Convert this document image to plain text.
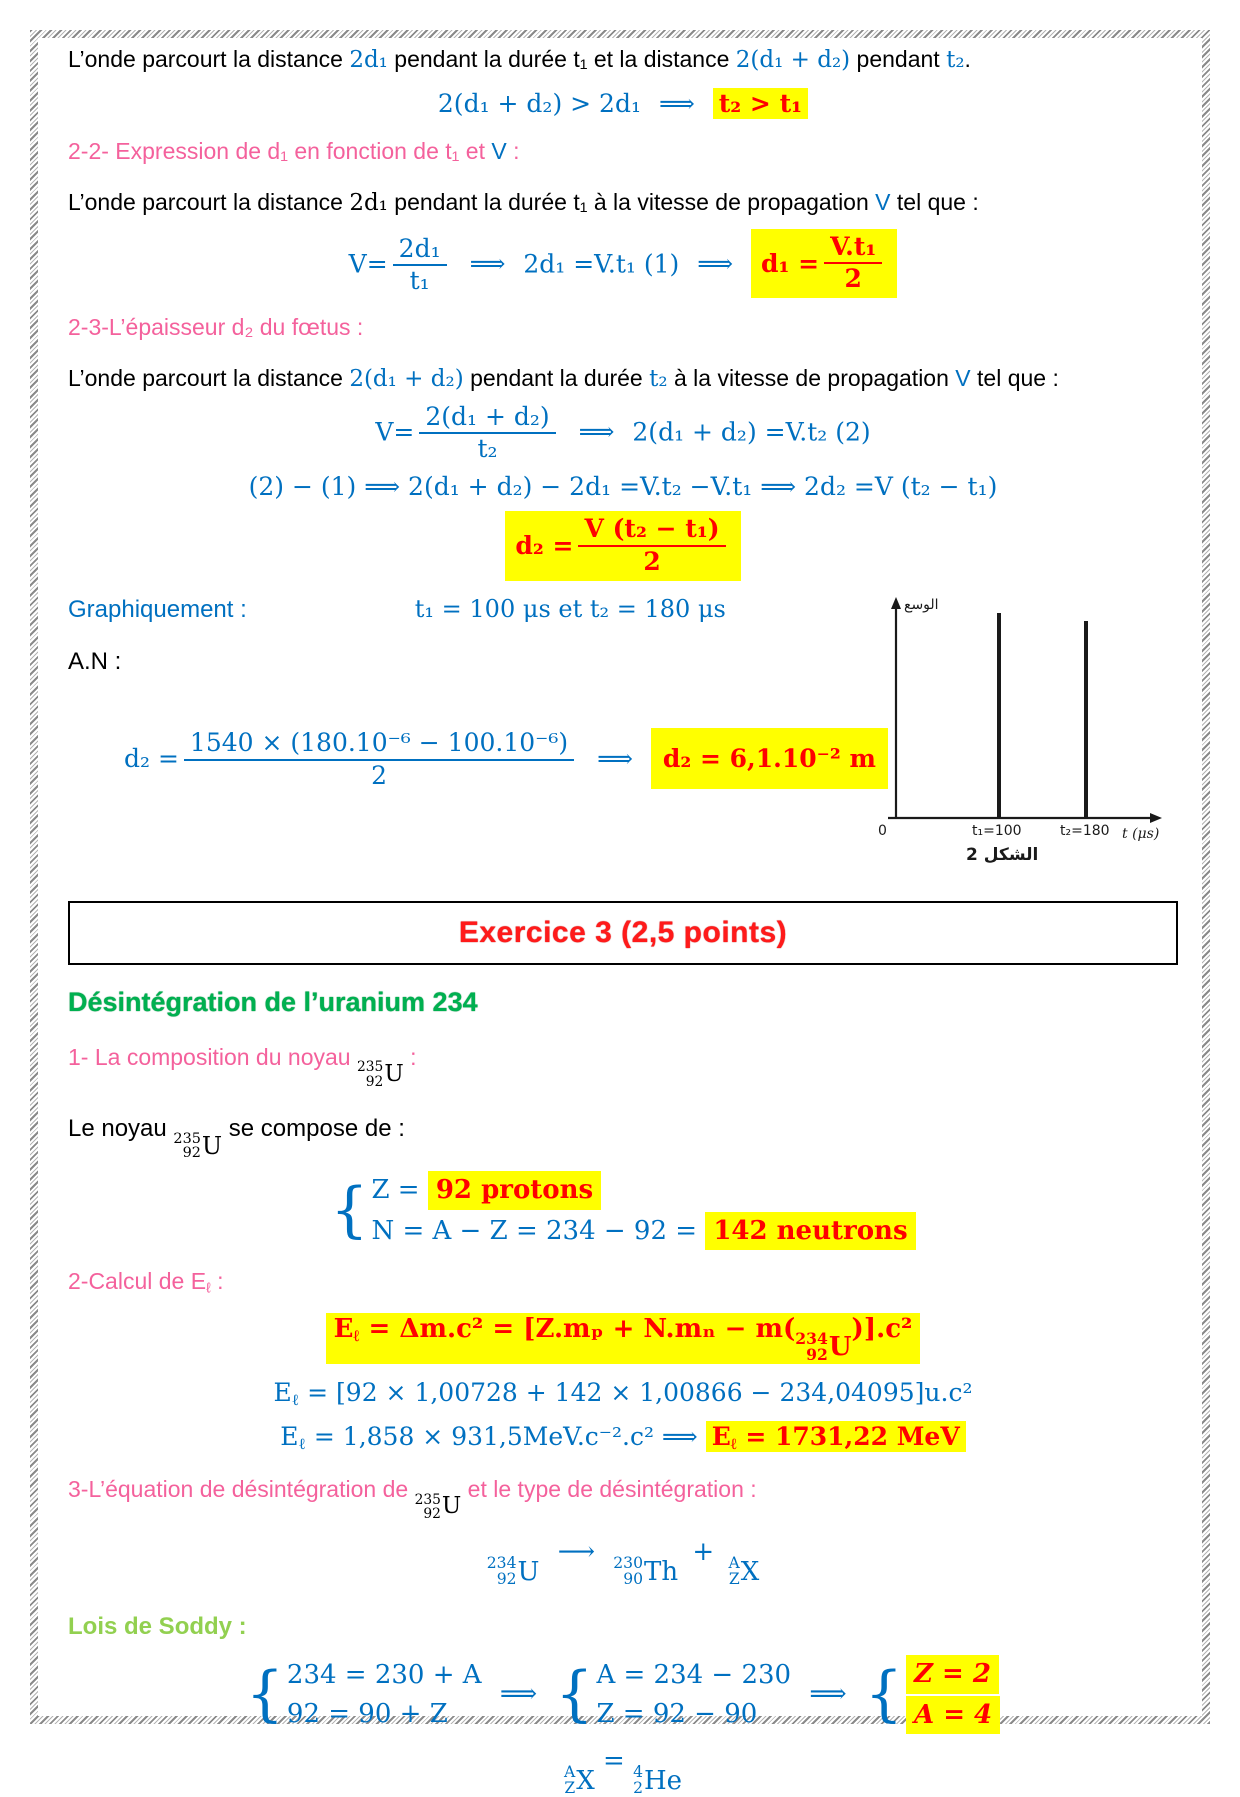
L’onde parcourt la distance 2d₁ pendant la durée t₁ et la distance 2(d₁ + d₂) pendant t₂.

2(d₁ + d₂) > 2d₁ ⟹ t₂ > t₁
2-2- Expression de d₁ en fonction de t₁ et V :

L’onde parcourt la distance 2d₁ pendant la durée t₁ à la vitesse de propagation V tel que :

$V= \frac{\text{2d₁}}{\text{t₁}}$ ⟹ 2d₁ =V.t₁ (1) ⟹ $d_1 = \frac{\text{V.t₁}}{2}$
2-3-L’épaisseur d₂ du fœtus :

L’onde parcourt la distance 2(d₁ + d₂) pendant la durée t₂ à la vitesse de propagation V tel que :

$V= \frac{\text{2(d₁ + d₂)}}{\text{t₂}}$ ⟹ 2(d₁ + d₂) =V.t₂ (2)
(2) − (1) ⟹ 2(d₁ + d₂) − 2d₁ =V.t₂ −V.t₁ ⟹ 2d₂ =V (t₂ − t₁)
$d_2 = \frac{\text{V (t₂ − t₁)}}{2}$
Graphiquement :	t₁ = 100 μs et t₂ = 180 μs

A.N :

$d_2 = \frac{\text{1540 × (180.10⁻⁶ − 100.10⁻⁶)}}{2}$ ⟹ d₂ = 6,1.10⁻² m
الوسع
0	t₁=100	t₂=180 t (μs)
الشكل 2
Exercice 3 (2,5 points)
Désintégration de l’uranium 234
1- La composition du noyau 235
92 U
:

Le noyau 235
92 U
se compose de :

{ Z = 92 protons
N = A − Z = 234 − 92 = 142 neutrons
2-Calcul de $E_\ell$ :
$E_\ell = \Delta m.c^2 = [Z.m_p + N.m_n - m$( 234
92 U
)].c²
$E_\ell = [92 \times 1,00728 + 142 \times 1,00866 - 234,04095]u.c^2$
$E_\ell = 1,858 \times 931,5MeV.c^{-2}.c^2$ ⟹ $E_\ell = 1731,22$ MeV
3-L’équation de désintégration de 235
92 U
et le type de désintégration :
234
92 U
⟶ 230
90 Th
+ A
Z X
Lois de Soddy :
{ 234 = 230 + A
92 = 90 + Z
⟹ { A = 234 − 230
Z = 92 − 90
⟹ { Z = 2
A = 4
A
Z X
= 4
2 He
